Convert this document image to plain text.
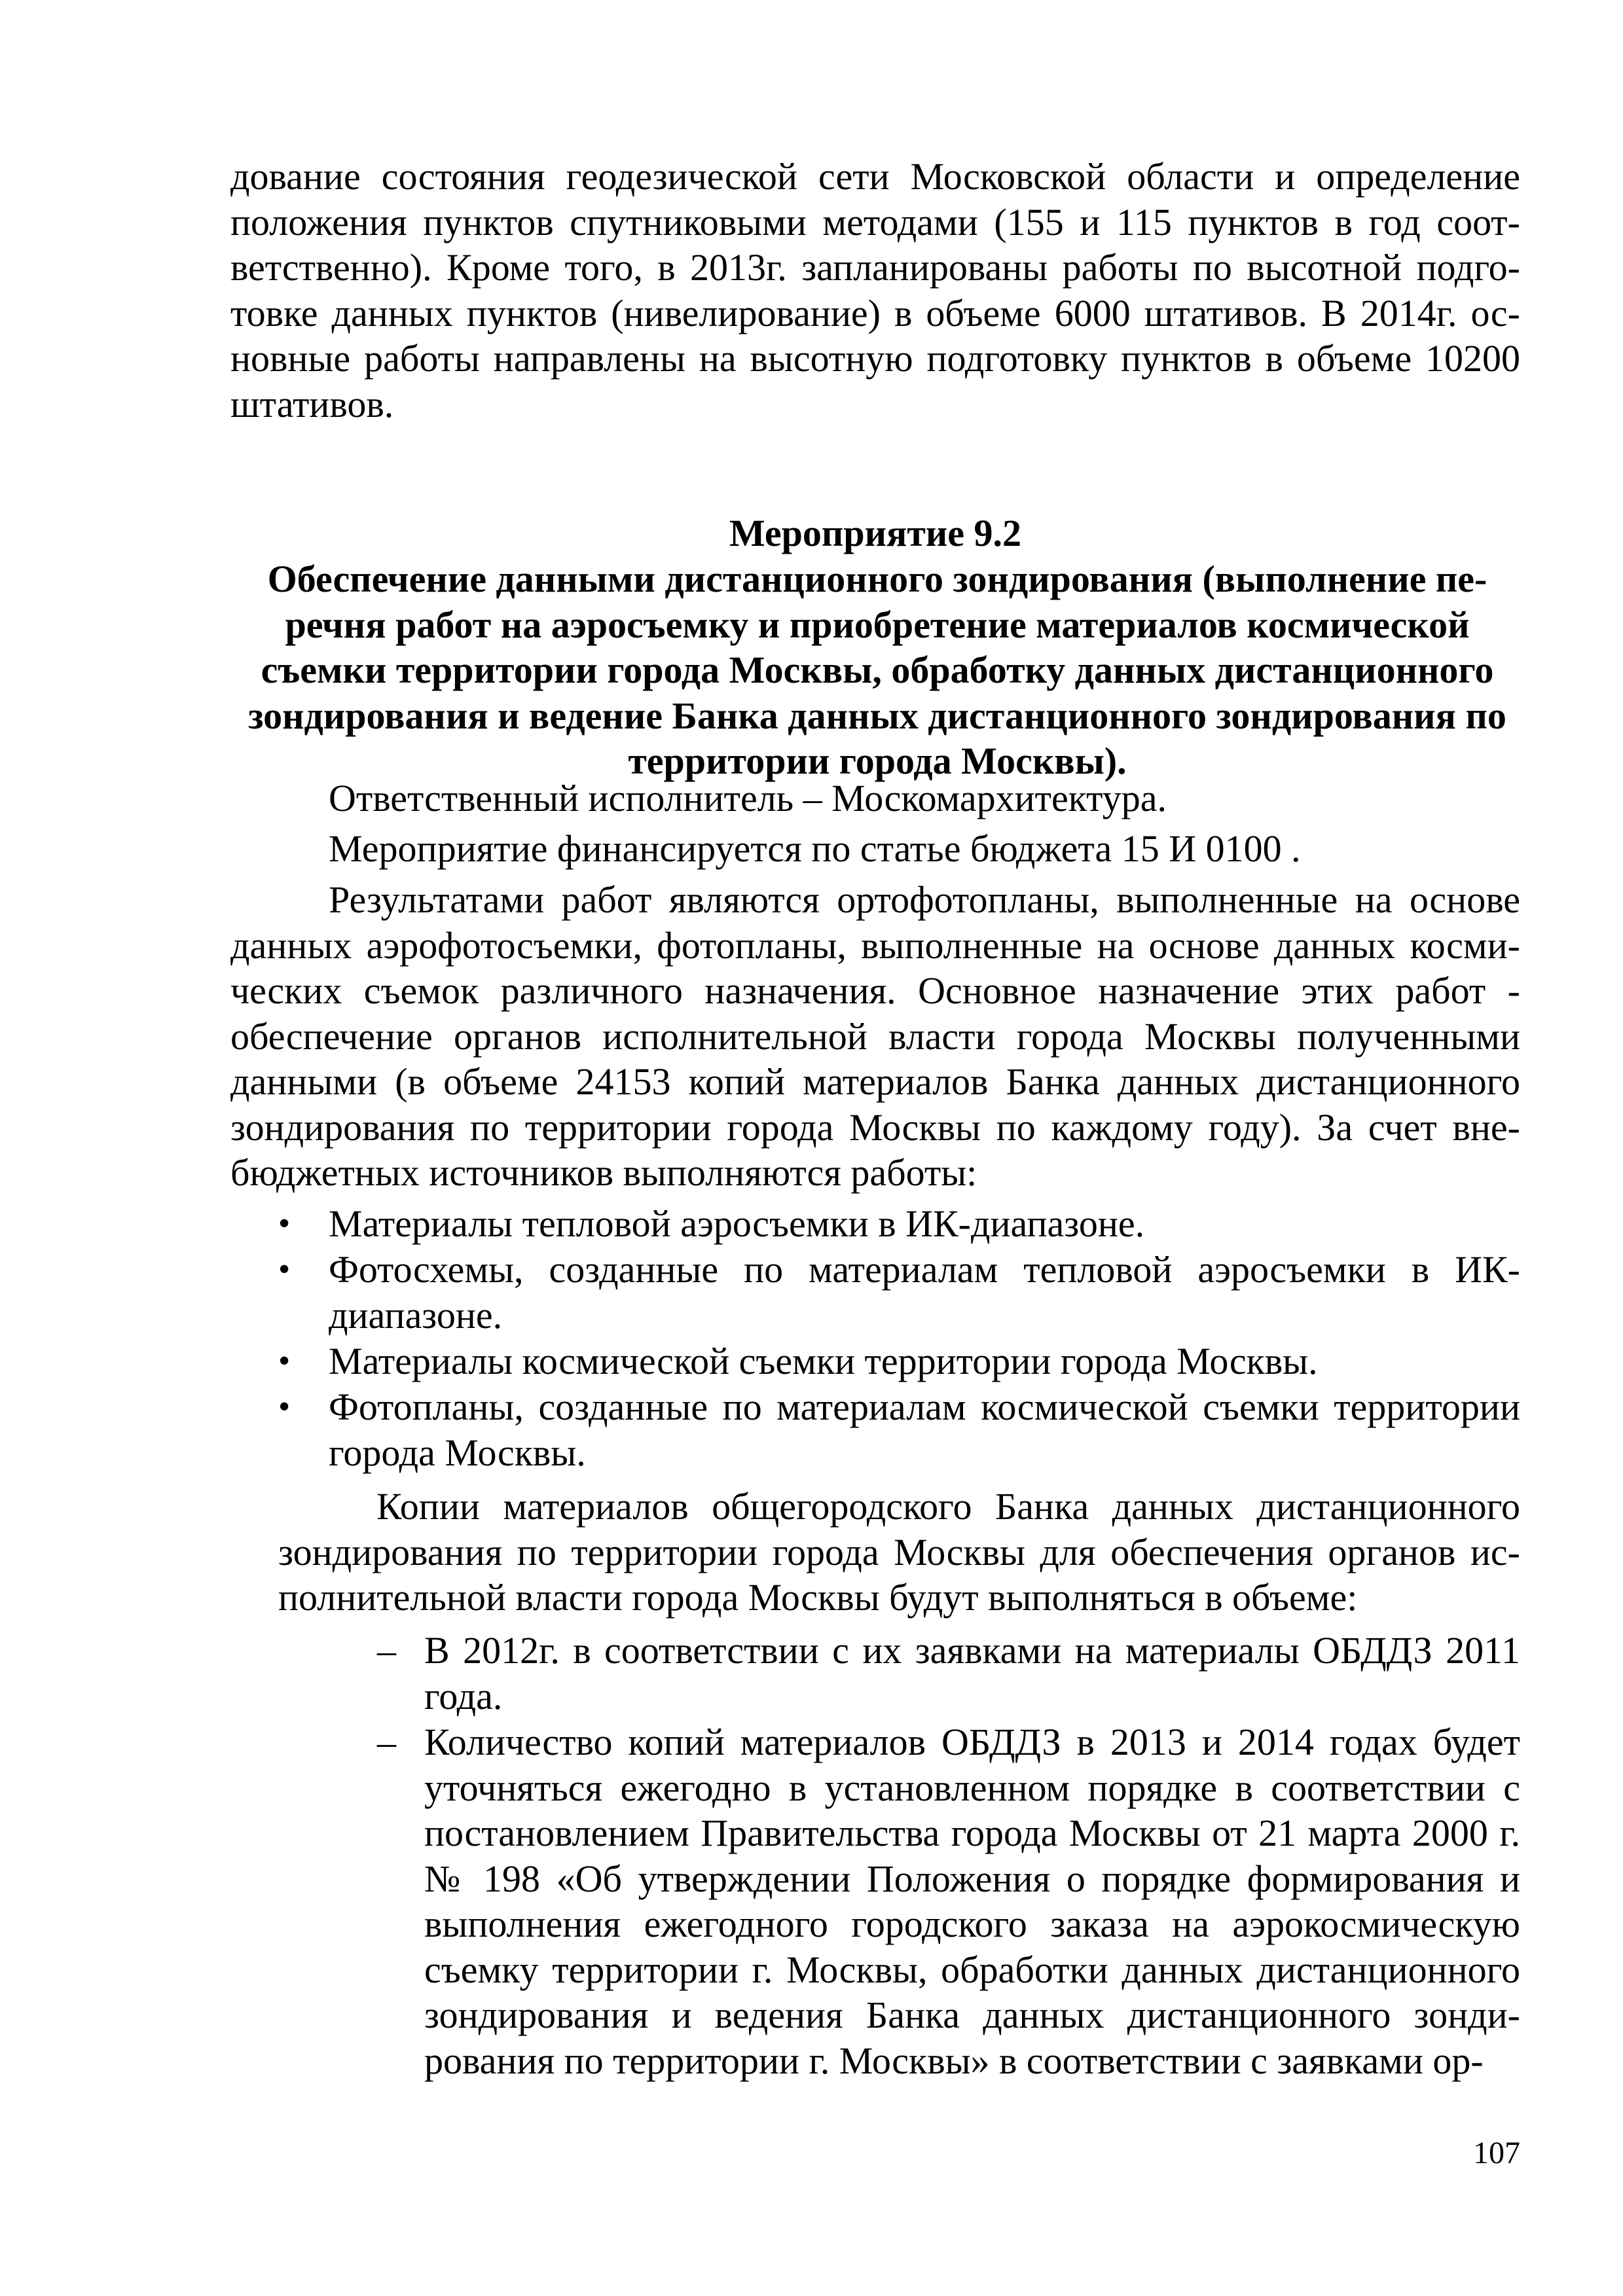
дование состояния геодезической сети Московской области и определение положения пунктов спутниковыми методами (155 и 115 пунктов в год соответственно). Кроме того, в 2013г. запланированы работы по высотной подготовке данных пунктов (нивелирование) в объеме 6000 штативов. В 2014г. основные работы направлены на высотную подготовку пунктов в объеме 10200 штативов.

Мероприятие 9.2
Обеспечение данными дистанционного зондирования (выполнение перечня работ на аэросъемку и приобретение материалов космической съемки территории города Москвы, обработку данных дистанционного зондирования и ведение Банка данных дистанционного зондирования по территории города Москвы).

Ответственный исполнитель – Москомархитектура.

Мероприятие финансируется по статье бюджета 15 И 0100 .

Результатами работ являются ортофотопланы, выполненные на основе данных аэрофотосъемки, фотопланы, выполненные на основе данных космических съемок различного назначения. Основное назначение этих работ - обеспечение органов исполнительной власти города Москвы полученными данными (в объеме 24153 копий материалов Банка данных дистанционного зондирования по территории города Москвы по каждому году). За счет внебюджетных источников выполняются работы:

•	Материалы тепловой аэросъемки в ИК-диапазоне.
•	Фотосхемы, созданные по материалам тепловой аэросъемки в ИК-диапазоне.
•	Материалы космической съемки территории города Москвы.
•	Фотопланы, созданные по материалам космической съемки территории города Москвы.

Копии материалов общегородского Банка данных дистанционного зондирования по территории города Москвы для обеспечения органов исполнительной власти города Москвы будут выполняться в объеме:

– В 2012г. в соответствии с их заявками на материалы ОБДДЗ 2011 года.
– Количество копий материалов ОБДДЗ в 2013 и 2014 годах будет уточняться ежегодно в установленном порядке в соответствии с постановлением Правительства города Москвы от 21 марта 2000 г. № 198 «Об утверждении Положения о порядке формирования и выполнения ежегодного городского заказа на аэрокосмическую съемку территории г. Москвы, обработки данных дистанционного зондирования и ведения Банка данных дистанционного зондирования по территории г. Москвы» в соответствии с заявками ор-
107
